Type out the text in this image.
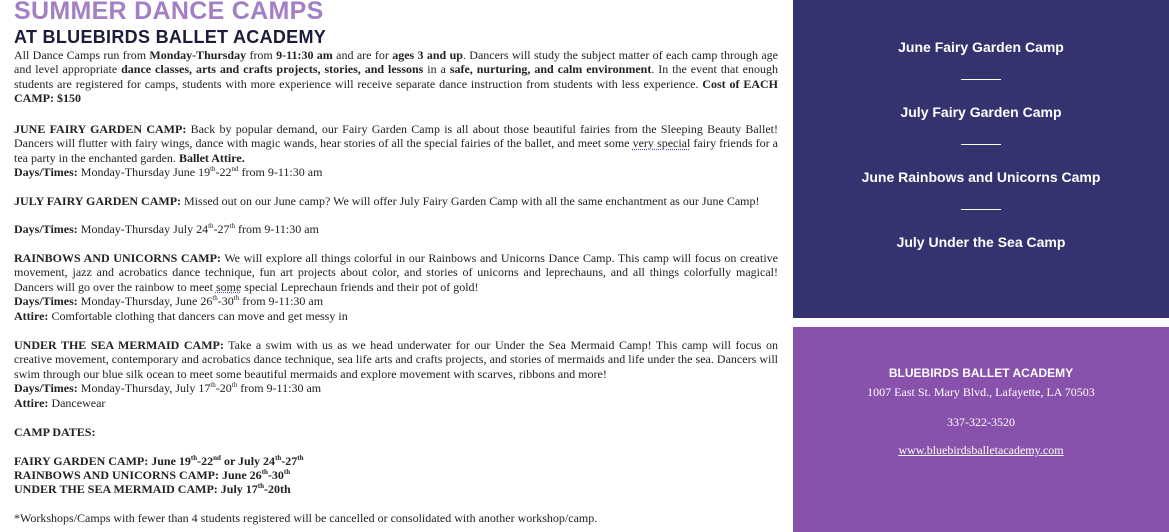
SUMMER DANCE CAMPS
AT BLUEBIRDS BALLET ACADEMY

All Dance Camps run from Monday-Thursday from 9-11:30 am and are for ages 3 and up. Dancers will study the subject matter of each camp through age and level appropriate dance classes, arts and crafts projects, stories, and lessons in a safe, nurturing, and calm environment. In the event that enough students are registered for camps, students with more experience will receive separate dance instruction from students with less experience. Cost of EACH CAMP: $150

JUNE FAIRY GARDEN CAMP: Back by popular demand, our Fairy Garden Camp is all about those beautiful fairies from the Sleeping Beauty Ballet! Dancers will flutter with fairy wings, dance with magic wands, hear stories of all the special fairies of the ballet, and meet some very special fairy friends for a tea party in the enchanted garden. Ballet Attire.

Days/Times: Monday-Thursday June 19th-22nd from 9-11:30 am

JULY FAIRY GARDEN CAMP: Missed out on our June camp? We will offer July Fairy Garden Camp with all the same enchantment as our June Camp!

Days/Times: Monday-Thursday July 24th-27th from 9-11:30 am

RAINBOWS AND UNICORNS CAMP: We will explore all things colorful in our Rainbows and Unicorns Dance Camp. This camp will focus on creative movement, jazz and acrobatics dance technique, fun art projects about color, and stories of unicorns and leprechauns, and all things colorfully magical! Dancers will go over the rainbow to meet some special Leprechaun friends and their pot of gold!

Days/Times: Monday-Thursday, June 26th-30th from 9-11:30 am

Attire: Comfortable clothing that dancers can move and get messy in

UNDER THE SEA MERMAID CAMP: Take a swim with us as we head underwater for our Under the Sea Mermaid Camp! This camp will focus on creative movement, contemporary and acrobatics dance technique, sea life arts and crafts projects, and stories of mermaids and life under the sea. Dancers will swim through our blue silk ocean to meet some beautiful mermaids and explore movement with scarves, ribbons and more!

Days/Times: Monday-Thursday, July 17th-20th from 9-11:30 am

Attire: Dancewear

CAMP DATES:

FAIRY GARDEN CAMP: June 19th-22nd or July 24th-27th

RAINBOWS AND UNICORNS CAMP: June 26th-30th

UNDER THE SEA MERMAID CAMP: July 17th-20th

*Workshops/Camps with fewer than 4 students registered will be cancelled or consolidated with another workshop/camp.

June Fairy Garden Camp
July Fairy Garden Camp
June Rainbows and Unicorns Camp
July Under the Sea Camp
BLUEBIRDS BALLET ACADEMY
1007 East St. Mary Blvd., Lafayette, LA 70503
337-322-3520
www.bluebirdsballetacademy.com
